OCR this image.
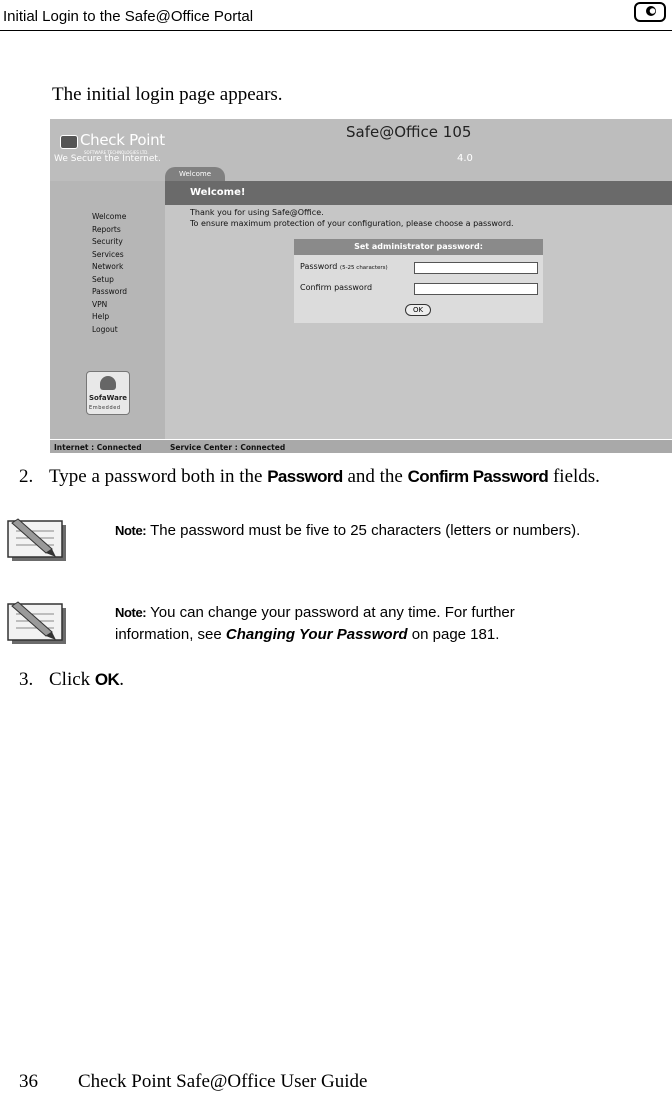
Initial Login to the Safe@Office Portal
The initial login page appears.
Check Point
SOFTWARE TECHNOLOGIES LTD.
We Secure the Internet.
Safe@Office 105
4.0
Welcome
Welcome!
Thank you for using Safe@Office.
To ensure maximum protection of your configuration, please choose a password.
Welcome
Reports
Security
Services
Network
Setup
Password
VPN
Help
Logout
Set administrator password:
Password (5-25 characters)
Confirm password
OK
SofaWare
Embedded
Internet : Connected	Service Center : Connected
2. Type a password both in the Password and the Confirm Password fields.
Note: The password must be five to 25 characters (letters or numbers).
Note: You can change your password at any time. For further
information, see Changing Your Password on page 181.
3. Click OK.
36 Check Point Safe@Office User Guide
